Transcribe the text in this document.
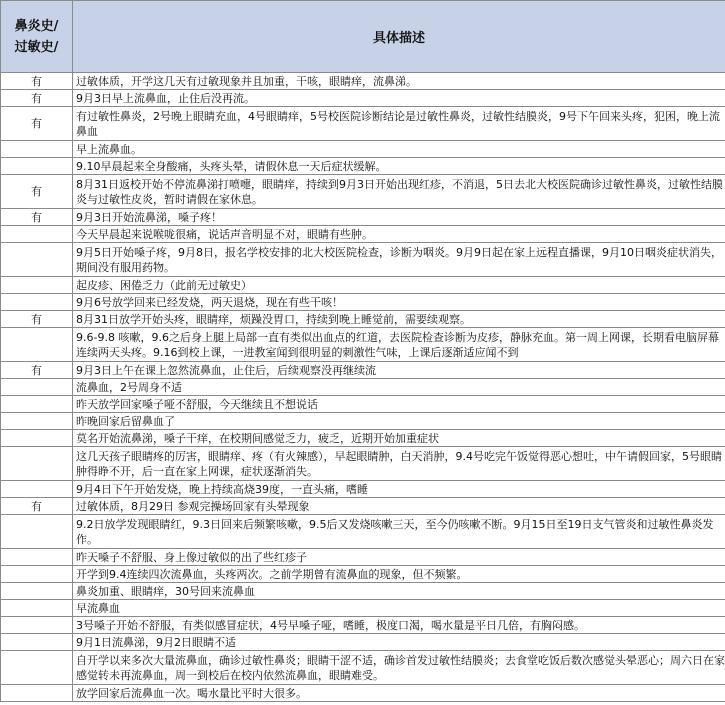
鼻炎史/
过敏史/	具体描述
有	过敏体质，开学这几天有过敏现象并且加重，干咳，眼睛痒，流鼻涕。
有	9月3日早上流鼻血，止住后没再流。
有	有过敏性鼻炎，2号晚上眼睛充血，4号眼睛痒，5号校医院诊断结论是过敏性鼻炎，过敏性结膜炎，9号下午回来头疼，犯困，晚上流鼻血
	早上流鼻血。
	9.10早晨起来全身酸痛，头疼头晕，请假休息一天后症状缓解。
有	8月31日返校开始不停流鼻涕打喷嚏，眼睛痒，持续到9月3日开始出现红疹，不消退，5日去北大校医院确诊过敏性鼻炎，过敏性结膜炎与过敏性皮炎，暂时请假在家休息。
有	9月3日开始流鼻涕，嗓子疼！
	今天早晨起来说喉咙很痛，说话声音明显不对，眼睛有些肿。
	9月5日开始嗓子疼，9月8日，报名学校安排的北大校医院检查，诊断为咽炎。9月9日起在家上远程直播课，9月10日咽炎症状消失，期间没有服用药物。
	起皮疹、困倦乏力（此前无过敏史）
	9月6号放学回来已经发烧，两天退烧，现在有些干咳！
有	8月31日放学开始头疼，眼睛痒，烦躁没胃口，持续到晚上睡觉前，需要续观察。
	9.6-9.8 咳嗽，9.6之后身上腿上局部一直有类似出血点的红道，去医院检查诊断为皮疹，静脉充血。第一周上网课，长期看电脑屏幕连续两天头疼。9.16到校上课，一进教室闻到很明显的刺激性气味，上课后逐渐适应闻不到
有	9月3日上午在课上忽然流鼻血，止住后，后续观察没再继续流
	流鼻血，2号周身不适
	昨天放学回家嗓子哑不舒服，今天继续且不想说话
	昨晚回家后留鼻血了
	莫名开始流鼻涕，嗓子干痒，在校期间感觉乏力，疲乏，近期开始加重症状
	这几天孩子眼睛疼的厉害，眼睛痒、疼（有火辣感），早起眼睛肿，白天消肿，9.4号吃完午饭觉得恶心想吐，中午请假回家，5号眼睛肿得睁不开，后一直在家上网课，症状逐渐消失。
	9月4日下午开始发烧，晚上持续高烧39度，一直头痛，嗜睡
有	过敏体质，8月29日 参观完操场回家有头晕现象
	9.2日放学发现眼睛红，9.3日回来后频繁咳嗽，9.5后又发烧咳嗽三天，至今仍咳嗽不断。9月15日至19日支气管炎和过敏性鼻炎发作。
	昨天嗓子不舒服、身上像过敏似的出了些红疹子
	开学到9.4连续四次流鼻血，头疼两次。之前学期曾有流鼻血的现象，但不频繁。
	鼻炎加重、眼睛痒，30号回来流鼻血
	早流鼻血
	3号嗓子开始不舒服，有类似感冒症状，4号早嗓子哑，嗜睡，极度口渴，喝水量是平日几倍，有胸闷感。
	9月1日流鼻涕，9月2日眼睛不适
	自开学以来多次大量流鼻血，确诊过敏性鼻炎；眼睛干涩不适，确诊首发过敏性结膜炎；去食堂吃饭后数次感觉头晕恶心；周六日在家感觉转未再流鼻血，周一到校后在校内依然流鼻血，眼睛难受。
	放学回家后流鼻血一次。喝水量比平时大很多。
